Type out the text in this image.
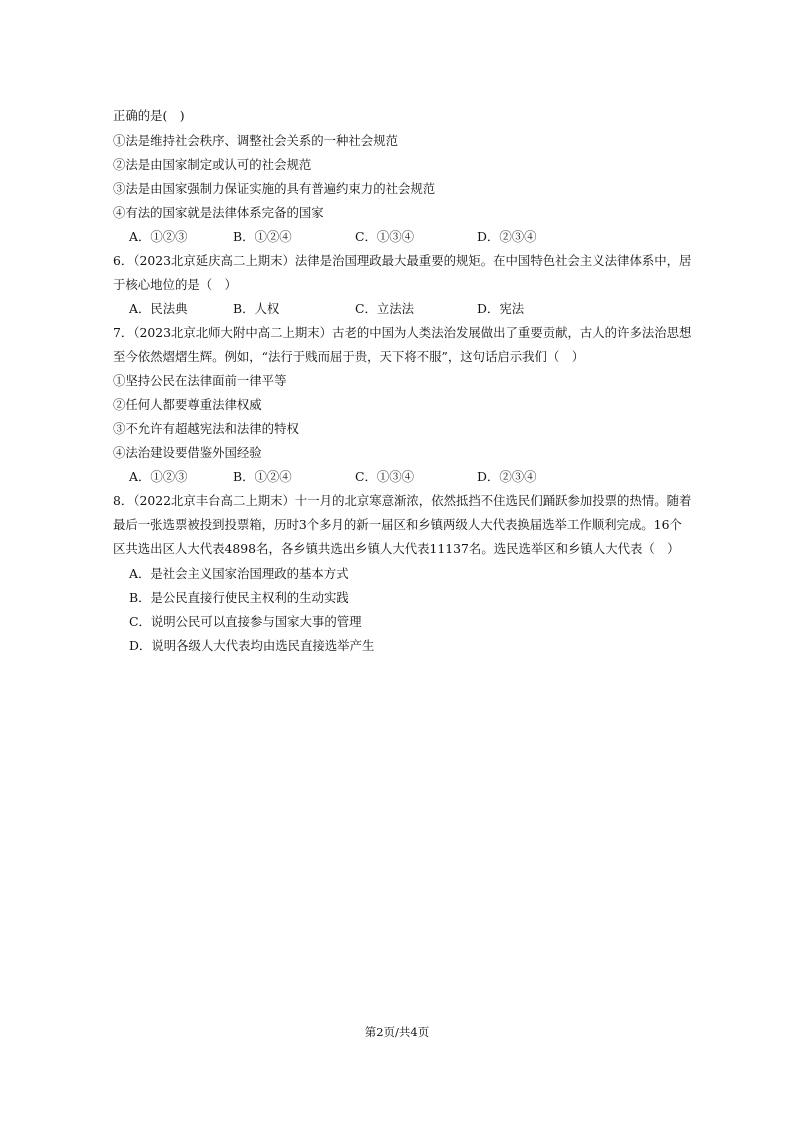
正确的是(　)
①法是维持社会秩序、调整社会关系的一种社会规范
②法是由国家制定或认可的社会规范
③法是由国家强制力保证实施的具有普遍约束力的社会规范
④有法的国家就是法律体系完备的国家
A．①②③	B．①②④	C．①③④	D．②③④
6．（2023北京延庆高二上期末）法律是治国理政最大最重要的规矩。在中国特色社会主义法律体系中，居
于核心地位的是（　）
A．民法典	B．人权	C．立法法	D．宪法
7．（2023北京北师大附中高二上期末）古老的中国为人类法治发展做出了重要贡献，古人的许多法治思想
至今依然熠熠生辉。例如，“法行于贱而屈于贵，天下将不服”，这句话启示我们（　）
①坚持公民在法律面前一律平等
②任何人都要尊重法律权威
③不允许有超越宪法和法律的特权
④法治建设要借鉴外国经验
A．①②③	B．①②④	C．①③④	D．②③④
8．（2022北京丰台高二上期末）十一月的北京寒意渐浓，依然抵挡不住选民们踊跃参加投票的热情。随着
最后一张选票被投到投票箱，历时3个多月的新一届区和乡镇两级人大代表换届选举工作顺利完成。16个
区共选出区人大代表4898名，各乡镇共选出乡镇人大代表11137名。选民选举区和乡镇人大代表（　）
A．是社会主义国家治国理政的基本方式
B．是公民直接行使民主权利的生动实践
C．说明公民可以直接参与国家大事的管理
D．说明各级人大代表均由选民直接选举产生
第2页/共4页
